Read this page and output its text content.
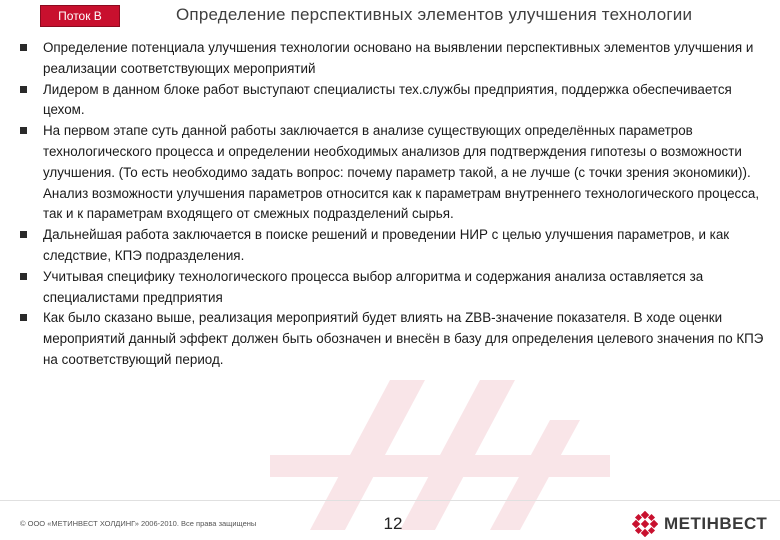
Поток В	Определение перспективных элементов улучшения технологии
Определение потенциала улучшения технологии основано на выявлении перспективных элементов улучшения и реализации соответствующих мероприятий
Лидером в данном блоке работ выступают специалисты тех.службы предприятия, поддержка обеспечивается цехом.
На первом этапе суть данной работы заключается в анализе существующих определённых параметров технологического процесса и определении необходимых анализов для подтверждения гипотезы о возможности улучшения. (То есть необходимо задать вопрос: почему параметр такой, а не лучше (с точки зрения экономики)). Анализ возможности улучшения параметров относится как к параметрам внутреннего технологического процесса, так и к параметрам входящего от смежных подразделений сырья.
Дальнейшая работа заключается в поиске решений и проведении НИР с целью улучшения параметров, и как следствие, КПЭ подразделения.
Учитывая специфику технологического процесса выбор алгоритма и содержания анализа оставляется за специалистами предприятия
Как было сказано выше, реализация мероприятий будет влиять на ZBB-значение показателя. В ходе оценки мероприятий данный эффект должен быть обозначен и внесён в базу для определения целевого значения по КПЭ на соответствующий период.
© ООО «МЕТИНВЕСТ ХОЛДИНГ» 2006-2010. Все права защищены	12	МЕТІНВЕСТ
